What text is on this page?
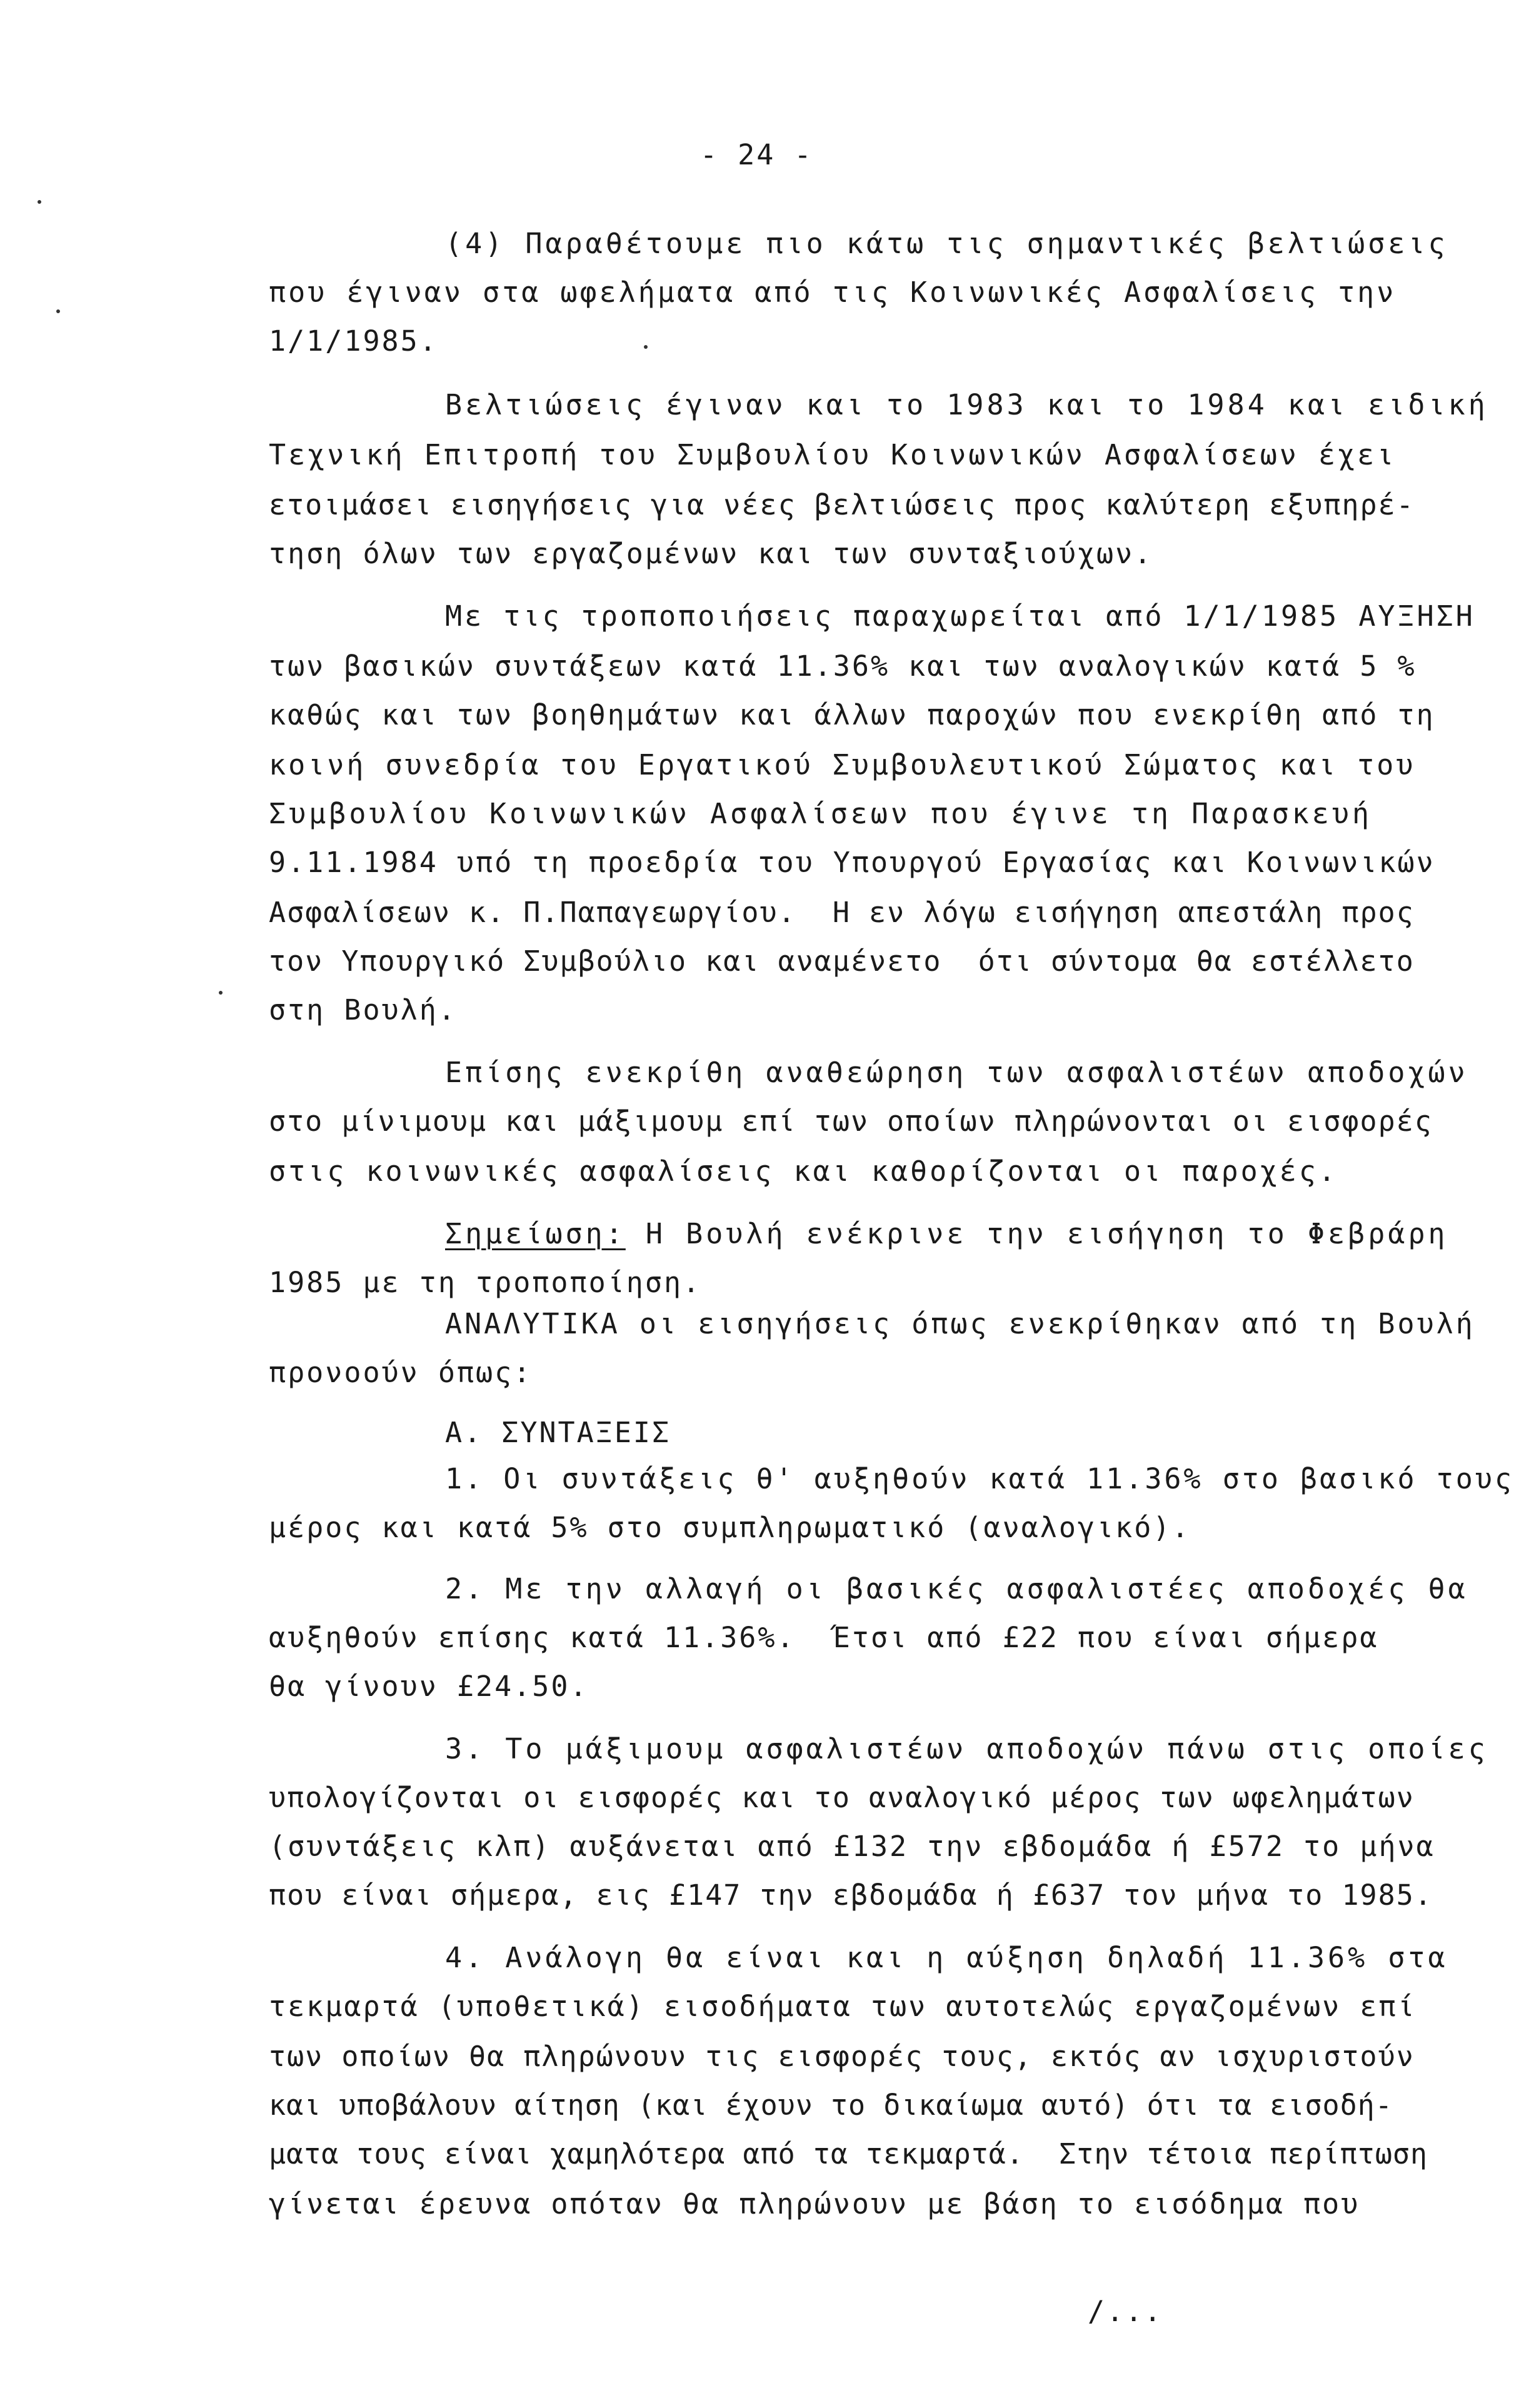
- 24 -
(4) Παραθέτουμε πιο κάτω τις σημαντικές βελτιώσεις
που έγιναν στα ωφελήματα από τις Κοινωνικές Ασφαλίσεις την
1/1/1985.
Βελτιώσεις έγιναν και το 1983 και το 1984 και ειδική
Τεχνική Επιτροπή του Συμβουλίου Κοινωνικών Ασφαλίσεων έχει
ετοιμάσει εισηγήσεις για νέες βελτιώσεις προς καλύτερη εξυπηρέ-
τηση όλων των εργαζομένων και των συνταξιούχων.
Με τις τροποποιήσεις παραχωρείται από 1/1/1985 ΑΥΞΗΣΗ
των βασικών συντάξεων κατά 11.36% και των αναλογικών κατά 5 %
καθώς και των βοηθημάτων και άλλων παροχών που ενεκρίθη από τη
κοινή συνεδρία του Εργατικού Συμβουλευτικού Σώματος και του
Συμβουλίου Κοινωνικών Ασφαλίσεων που έγινε τη Παρασκευή
9.11.1984 υπό τη προεδρία του Υπουργού Εργασίας και Κοινωνικών
Ασφαλίσεων κ. Π.Παπαγεωργίου.  Η εν λόγω εισήγηση απεστάλη προς
τον Υπουργικό Συμβούλιο και αναμένετο  ότι σύντομα θα εστέλλετο
στη Βουλή.
Επίσης ενεκρίθη αναθεώρηση των ασφαλιστέων αποδοχών
στο μίνιμουμ και μάξιμουμ επί των οποίων πληρώνονται οι εισφορές
στις κοινωνικές ασφαλίσεις και καθορίζονται οι παροχές.
Σημείωση: Η Βουλή ενέκρινε την εισήγηση το Φεβράρη
1985 με τη τροποποίηση.
ΑΝΑΛΥΤΙΚΑ οι εισηγήσεις όπως ενεκρίθηκαν από τη Βουλή
προνοούν όπως:
Α. ΣΥΝΤΑΞΕΙΣ
1. Οι συντάξεις θ' αυξηθούν κατά 11.36% στο βασικό τους
μέρος και κατά 5% στο συμπληρωματικό (αναλογικό).
2. Με την αλλαγή οι βασικές ασφαλιστέες αποδοχές θα
αυξηθούν επίσης κατά 11.36%.  Έτσι από £22 που είναι σήμερα
θα γίνουν £24.50.
3. Το μάξιμουμ ασφαλιστέων αποδοχών πάνω στις οποίες
υπολογίζονται οι εισφορές και το αναλογικό μέρος των ωφελημάτων
(συντάξεις κλπ) αυξάνεται από £132 την εβδομάδα ή £572 το μήνα
που είναι σήμερα, εις £147 την εβδομάδα ή £637 τον μήνα το 1985.
4. Ανάλογη θα είναι και η αύξηση δηλαδή 11.36% στα
τεκμαρτά (υποθετικά) εισοδήματα των αυτοτελώς εργαζομένων επί
των οποίων θα πληρώνουν τις εισφορές τους, εκτός αν ισχυριστούν
και υποβάλουν αίτηση (και έχουν το δικαίωμα αυτό) ότι τα εισοδή-
ματα τους είναι χαμηλότερα από τα τεκμαρτά.  Στην τέτοια περίπτωση
γίνεται έρευνα οπόταν θα πληρώνουν με βάση το εισόδημα που
/...
